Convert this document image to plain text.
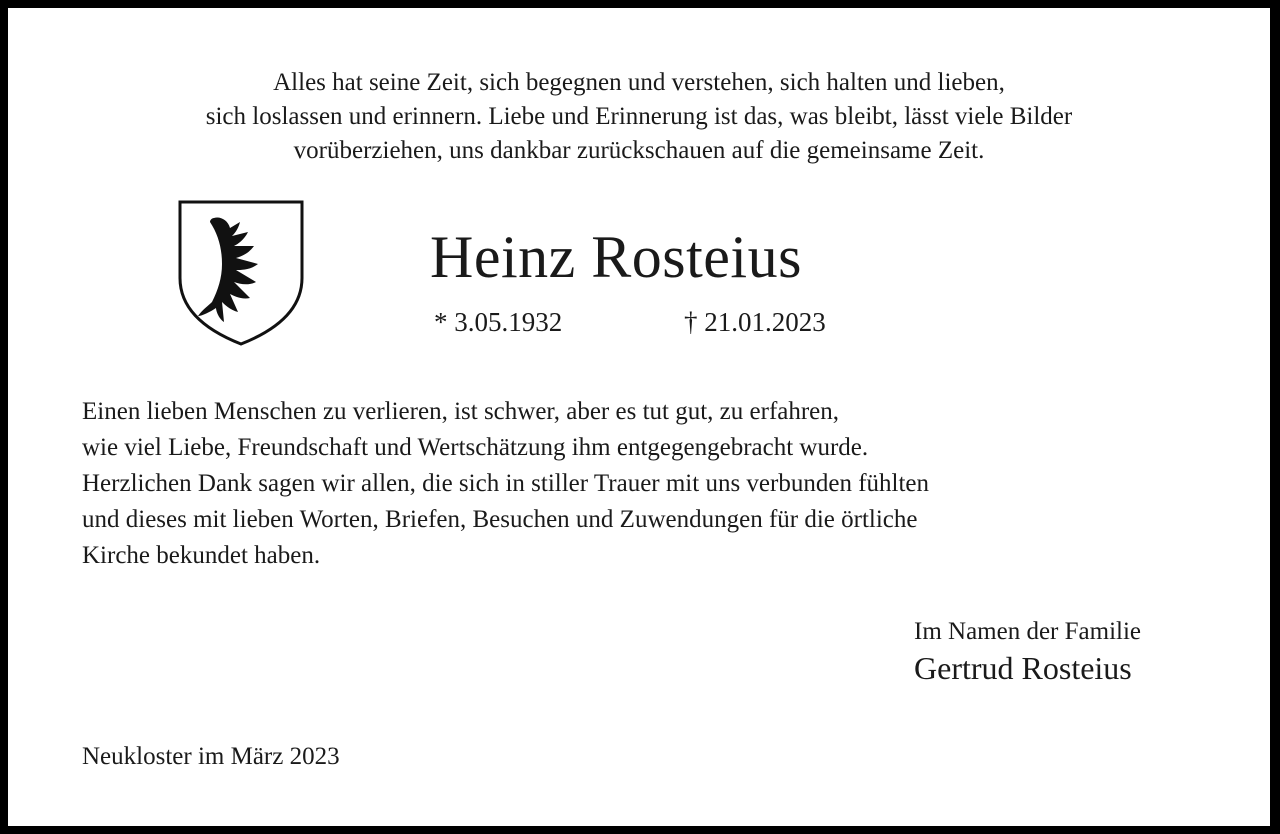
Alles hat seine Zeit, sich begegnen und verstehen, sich halten und lieben,
sich loslassen und erinnern. Liebe und Erinnerung ist das, was bleibt, lässt viele Bilder
vorüberziehen, uns dankbar zurückschauen auf die gemeinsame Zeit.
Heinz Rosteius
* 3.05.1932	† 21.01.2023
Einen lieben Menschen zu verlieren, ist schwer, aber es tut gut, zu erfahren,
wie viel Liebe, Freundschaft und Wertschätzung ihm entgegengebracht wurde.
Herzlichen Dank sagen wir allen, die sich in stiller Trauer mit uns verbunden fühlten
und dieses mit lieben Worten, Briefen, Besuchen und Zuwendungen für die örtliche
Kirche bekundet haben.
Im Namen der Familie
Gertrud Rosteius
Neukloster im März 2023
